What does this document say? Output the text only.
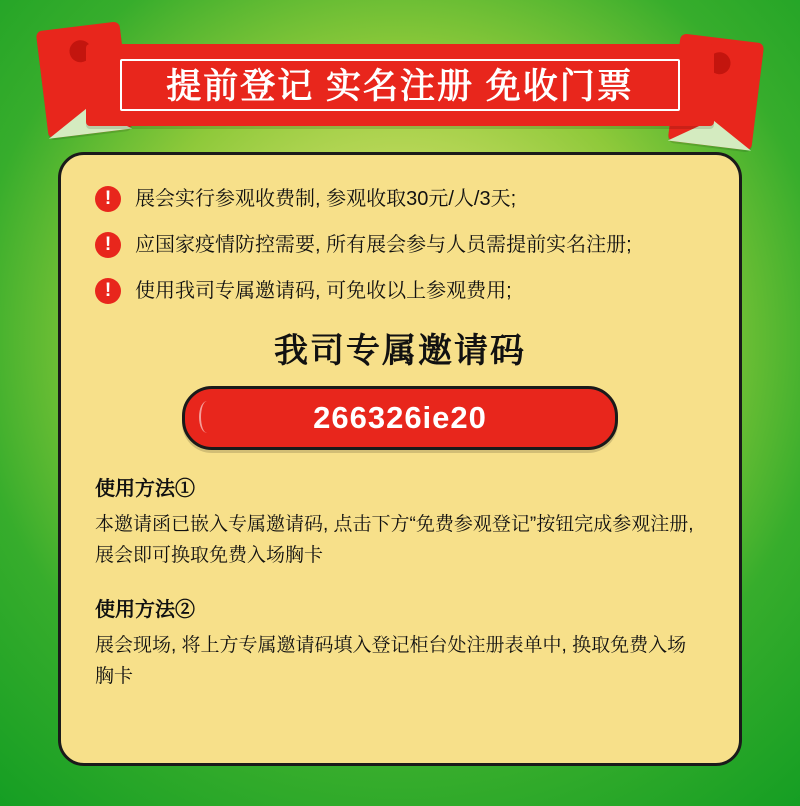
提前登记 实名注册 免收门票
!	展会实行参观收费制, 参观收取30元/人/3天;
!	应国家疫情防控需要, 所有展会参与人员需提前实名注册;
!	使用我司专属邀请码, 可免收以上参观费用;
我司专属邀请码
266326ie20
使用方法①
本邀请函已嵌入专属邀请码, 点击下方“免费参观登记”按钮完成参观注册, 展会即可换取免费入场胸卡
使用方法②
展会现场, 将上方专属邀请码填入登记柜台处注册表单中, 换取免费入场胸卡
